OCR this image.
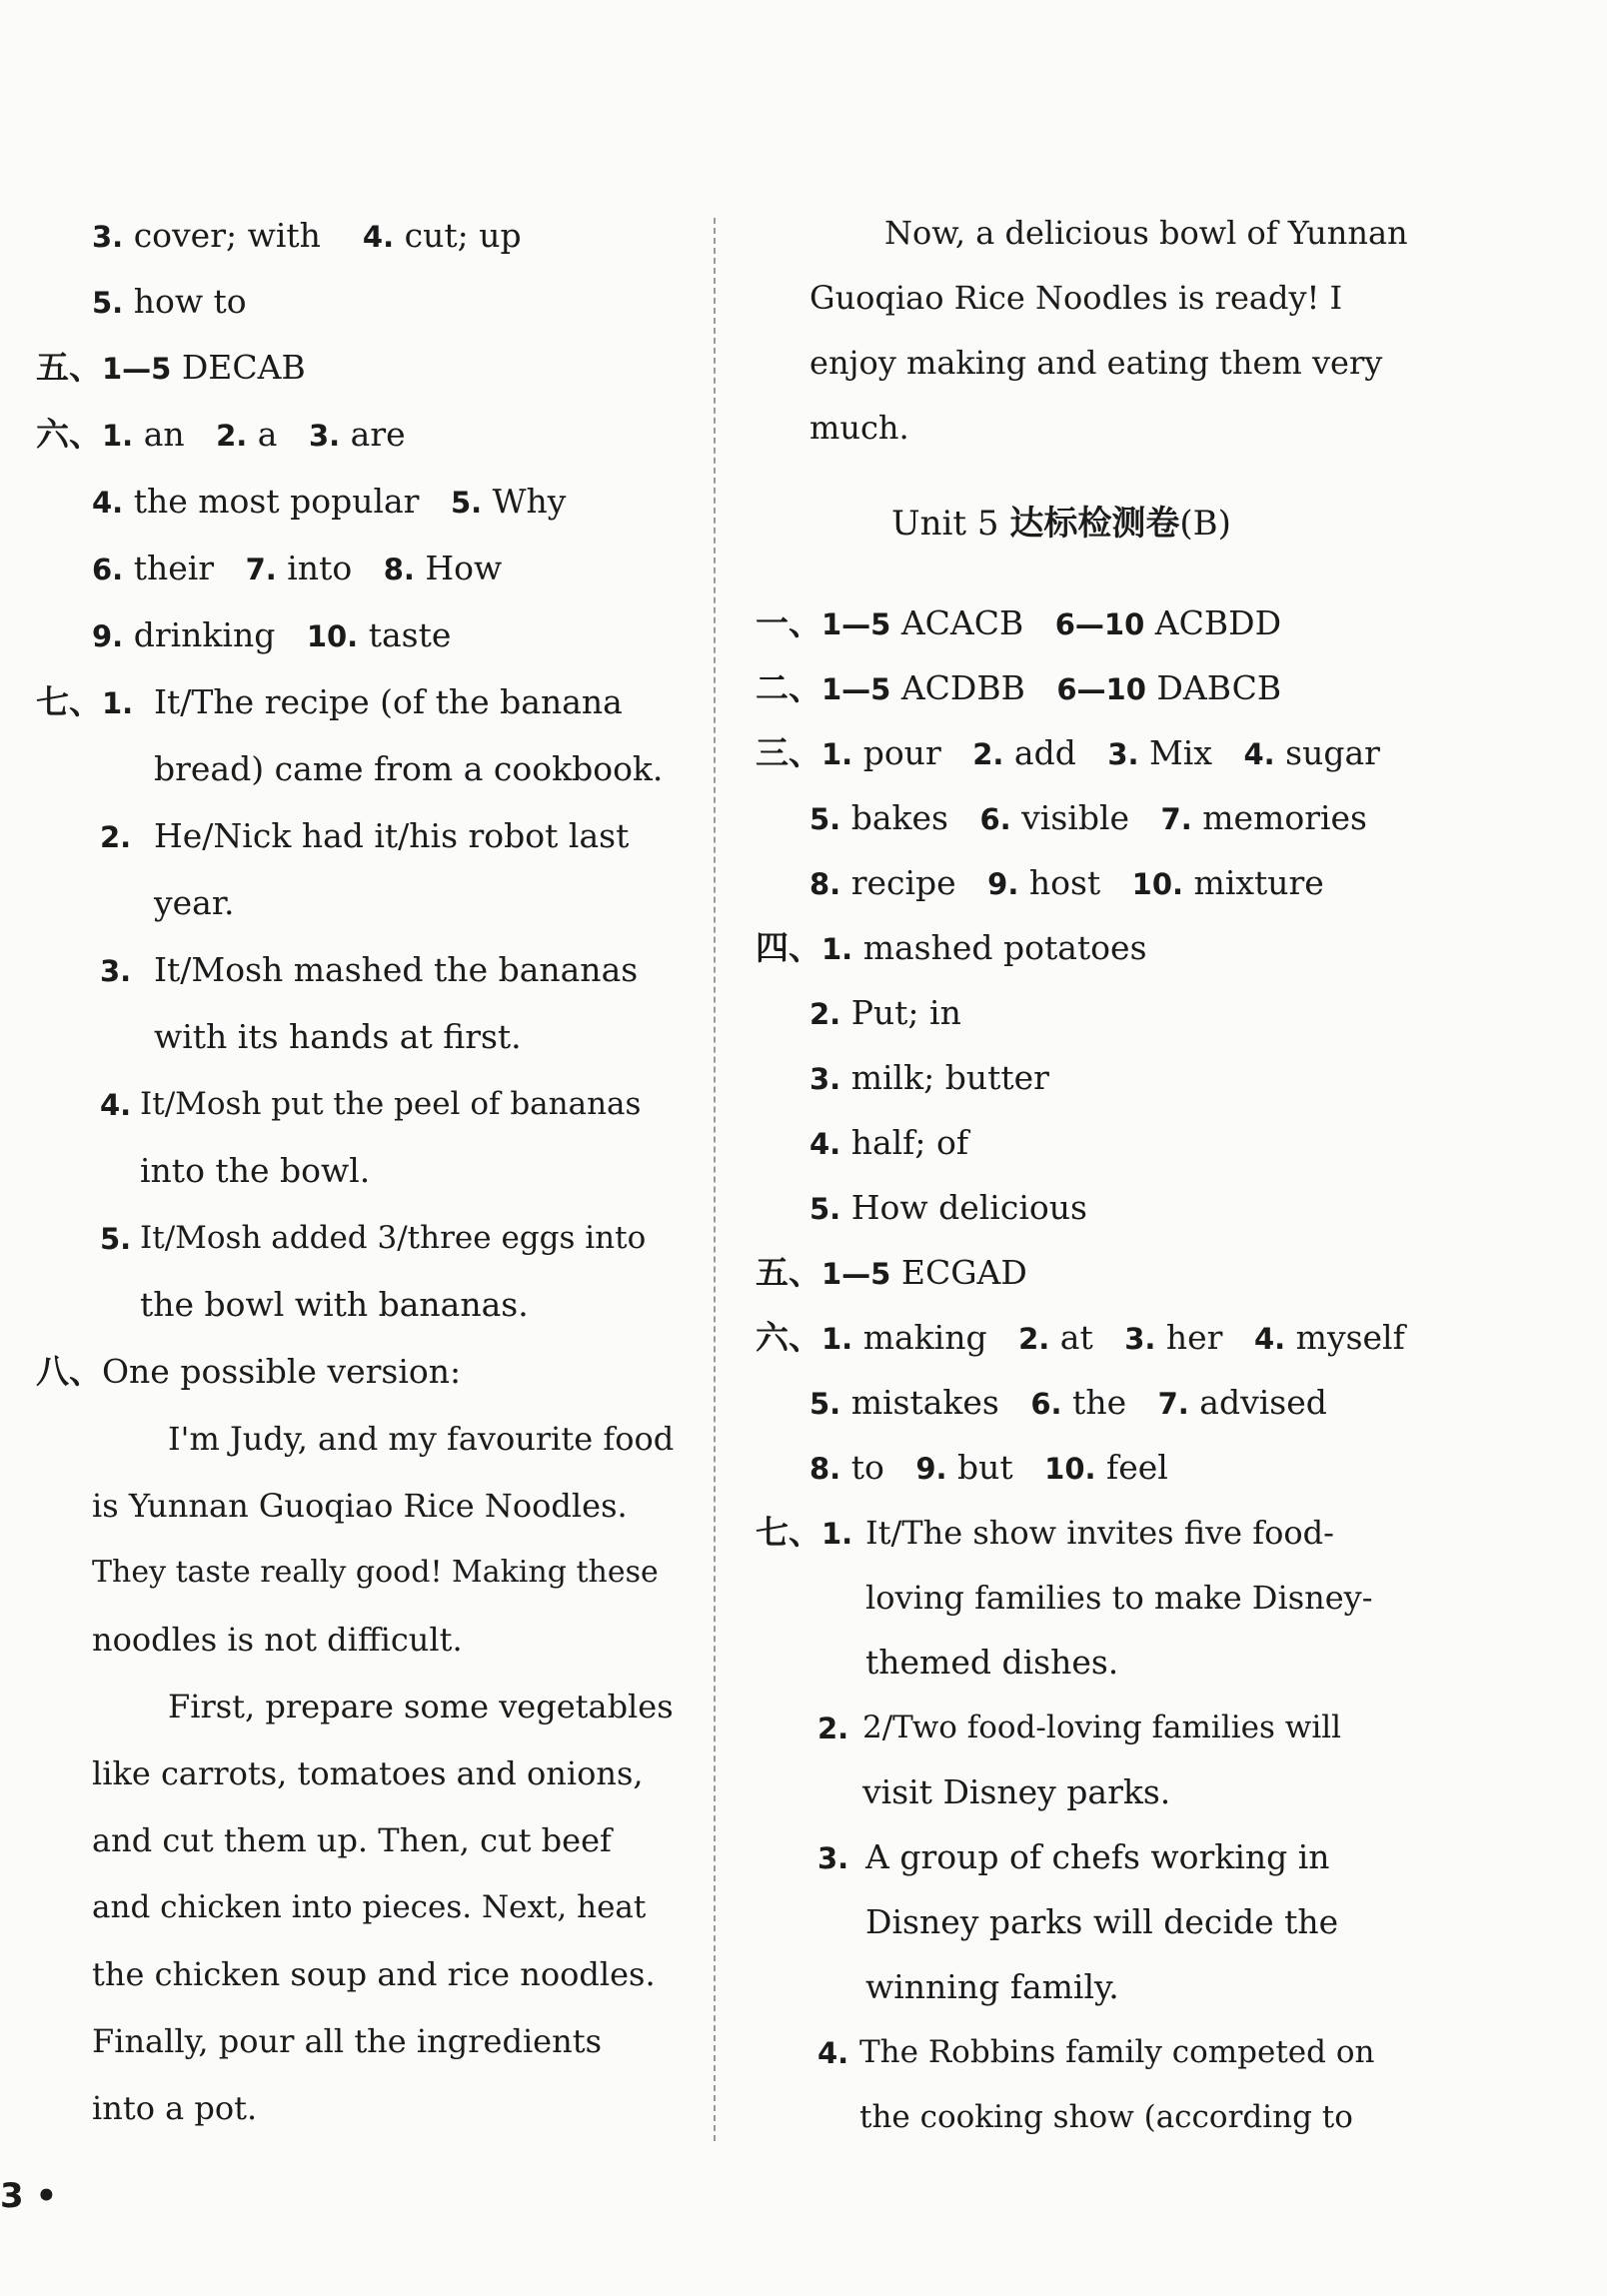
3. cover; with 4. cut; up
5. how to
五、1—5 DECAB
六、1. an 2. a 3. are
4. the most popular 5. Why
6. their 7. into 8. How
9. drinking 10. taste
七、1. It/The recipe (of the banana
bread) came from a cookbook.
2. He/Nick had it/his robot last
year.
3. It/Mosh mashed the bananas
with its hands at first.
4. It/Mosh put the peel of bananas
into the bowl.
5. It/Mosh added 3/three eggs into
the bowl with bananas.
八、One possible version:
I'm Judy, and my favourite food
is Yunnan Guoqiao Rice Noodles.
They taste really good! Making these
noodles is not difficult.
First, prepare some vegetables
like carrots, tomatoes and onions,
and cut them up. Then, cut beef
and chicken into pieces. Next, heat
the chicken soup and rice noodles.
Finally, pour all the ingredients
into a pot.
Now, a delicious bowl of Yunnan
Guoqiao Rice Noodles is ready! I
enjoy making and eating them very
much.
Unit 5 达标检测卷(B)
一、1—5 ACACB 6—10 ACBDD
二、1—5 ACDBB 6—10 DABCB
三、1. pour 2. add 3. Mix 4. sugar
5. bakes 6. visible 7. memories
8. recipe 9. host 10. mixture
四、1. mashed potatoes
2. Put; in
3. milk; butter
4. half; of
5. How delicious
五、1—5 ECGAD
六、1. making 2. at 3. her 4. myself
5. mistakes 6. the 7. advised
8. to 9. but 10. feel
七、1. It/The show invites five food-
loving families to make Disney-
themed dishes.
2. 2/Two food-loving families will
visit Disney parks.
3. A group of chefs working in
Disney parks will decide the
winning family.
4. The Robbins family competed on
the cooking show (according to
3 •
